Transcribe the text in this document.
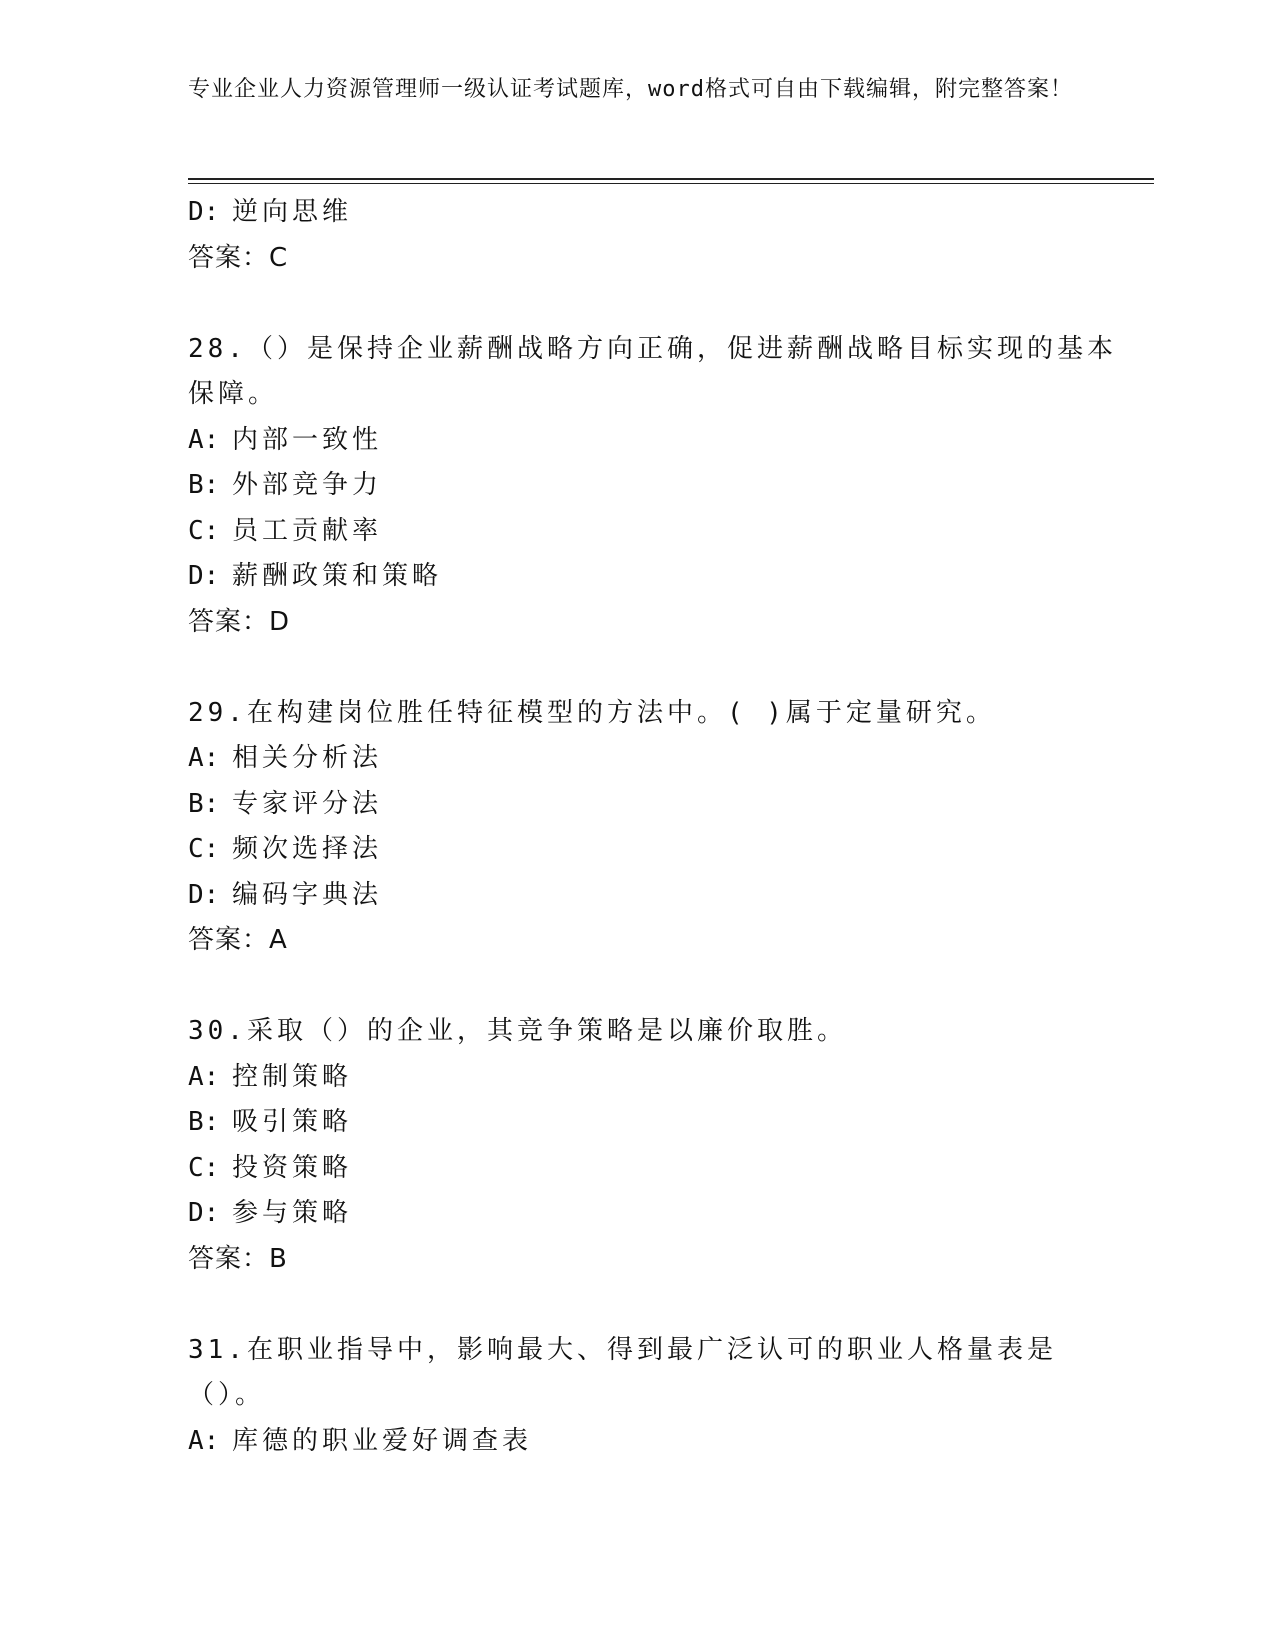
专业企业人力资源管理师一级认证考试题库，word格式可自由下载编辑，附完整答案！
D: 逆向思维
答案：C
28.（）是保持企业薪酬战略方向正确，促进薪酬战略目标实现的基本保障。
A: 内部一致性
B: 外部竞争力
C: 员工贡献率
D: 薪酬政策和策略
答案：D
29.在构建岗位胜任特征模型的方法中。( )属于定量研究。
A: 相关分析法
B: 专家评分法
C: 频次选择法
D: 编码字典法
答案：A
30.采取（）的企业，其竞争策略是以廉价取胜。
A: 控制策略
B: 吸引策略
C: 投资策略
D: 参与策略
答案：B
31.在职业指导中，影响最大、得到最广泛认可的职业人格量表是（）。
A: 库德的职业爱好调查表
